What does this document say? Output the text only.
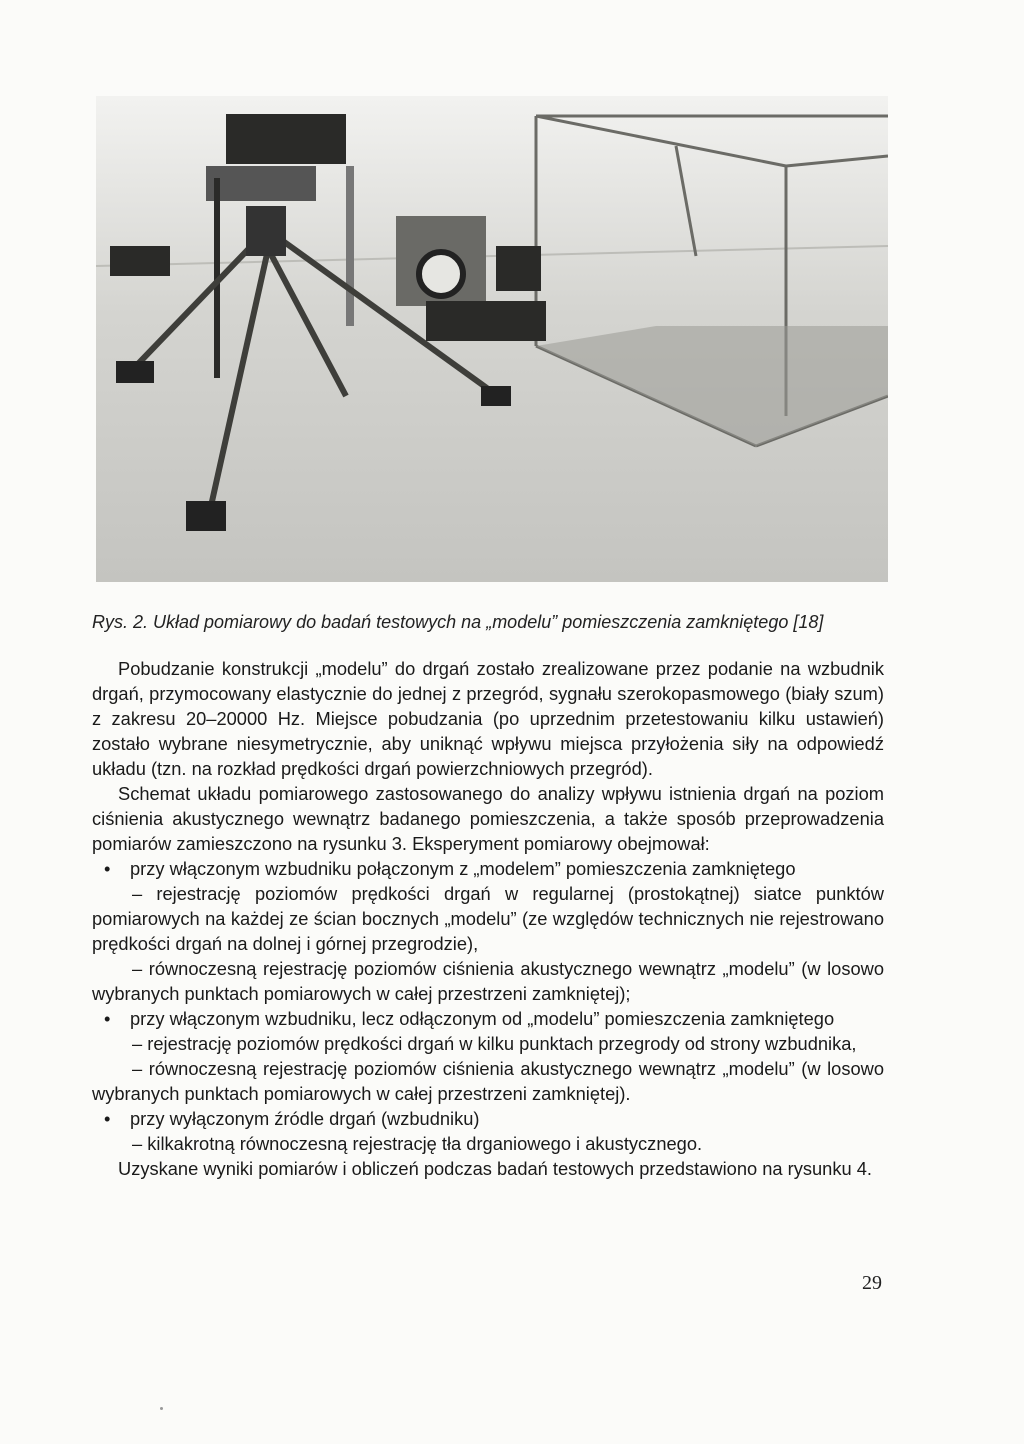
Rys. 2. Układ pomiarowy do badań testowych na „modelu” pomieszczenia zamkniętego [18]

Pobudzanie konstrukcji „modelu” do drgań zostało zrealizowane przez podanie na wzbudnik drgań, przymocowany elastycznie do jednej z przegród, sygnału szerokopasmowego (biały szum) z zakresu 20–20000 Hz. Miejsce pobudzania (po uprzednim przetestowaniu kilku ustawień) zostało wybrane niesymetrycznie, aby uniknąć wpływu miejsca przyłożenia siły na odpowiedź układu (tzn. na rozkład prędkości drgań powierzchniowych przegród).

Schemat układu pomiarowego zastosowanego do analizy wpływu istnienia drgań na poziom ciśnienia akustycznego wewnątrz badanego pomieszczenia, a także sposób przeprowadzenia pomiarów zamieszczono na rysunku 3. Eksperyment pomiarowy obejmował:

•	przy włączonym wzbudniku połączonym z „modelem” pomieszczenia zamkniętego

– rejestrację poziomów prędkości drgań w regularnej (prostokątnej) siatce punktów pomiarowych na każdej ze ścian bocznych „modelu” (ze względów technicznych nie rejestrowano prędkości drgań na dolnej i górnej przegrodzie),

– równoczesną rejestrację poziomów ciśnienia akustycznego wewnątrz „modelu” (w losowo wybranych punktach pomiarowych w całej przestrzeni zamkniętej);

•	przy włączonym wzbudniku, lecz odłączonym od „modelu” pomieszczenia zamkniętego

– rejestrację poziomów prędkości drgań w kilku punktach przegrody od strony wzbudnika,

– równoczesną rejestrację poziomów ciśnienia akustycznego wewnątrz „modelu” (w losowo wybranych punktach pomiarowych w całej przestrzeni zamkniętej).

•	przy wyłączonym źródle drgań (wzbudniku)

– kilkakrotną równoczesną rejestrację tła drganiowego i akustycznego.

Uzyskane wyniki pomiarów i obliczeń podczas badań testowych przedstawiono na rysunku 4.

29
